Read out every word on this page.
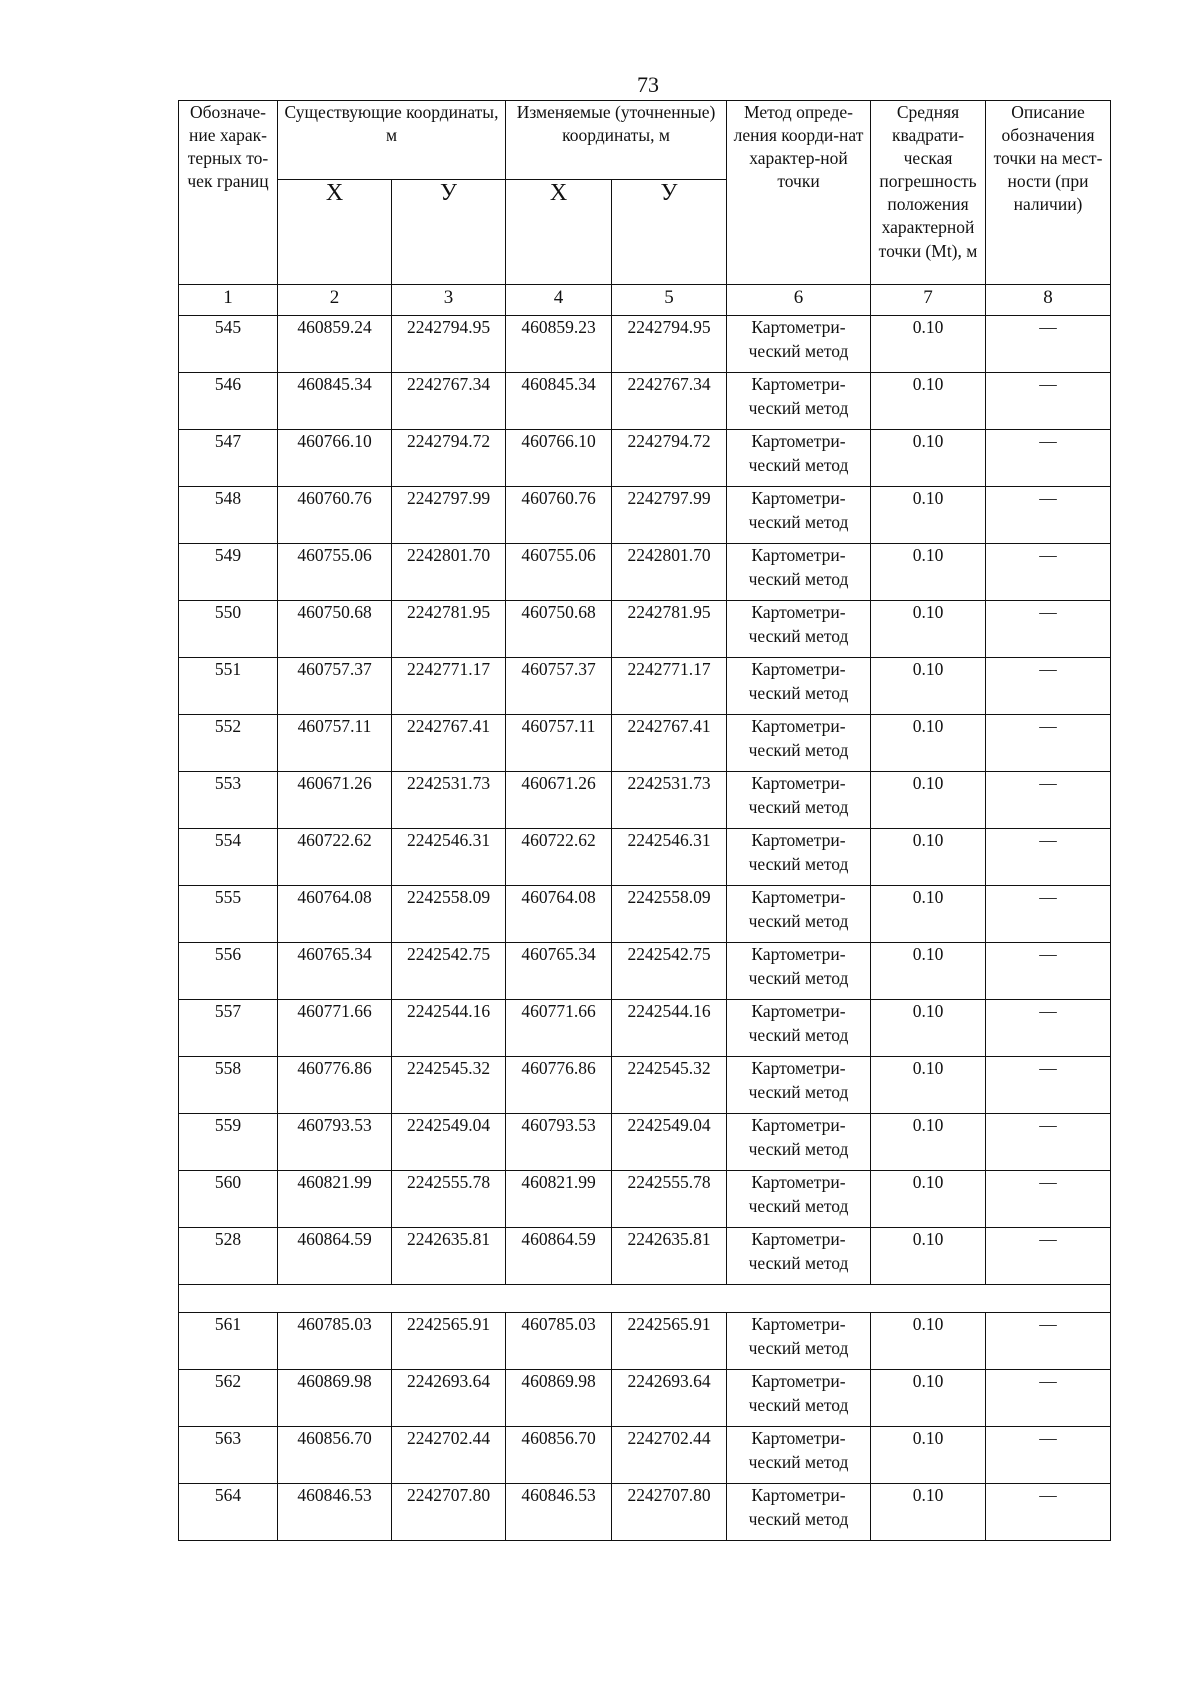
73
Обозначе-ние харак-терных то-чек границ	Существующие координаты, м		Изменяемые (уточненные) координаты, м		Метод опреде-ления коорди-нат характер-ной точки	Средняя квадрати-ческая погрешность положения характерной точки (Mt), м	Описание обозначения точки на мест-ности (при наличии)
	X	У	X	У			
1	2	3	4	5	6	7	8
545	460859.24	2242794.95	460859.23	2242794.95	Картометри-ческий метод	0.10	—
546	460845.34	2242767.34	460845.34	2242767.34	Картометри-ческий метод	0.10	—
547	460766.10	2242794.72	460766.10	2242794.72	Картометри-ческий метод	0.10	—
548	460760.76	2242797.99	460760.76	2242797.99	Картометри-ческий метод	0.10	—
549	460755.06	2242801.70	460755.06	2242801.70	Картометри-ческий метод	0.10	—
550	460750.68	2242781.95	460750.68	2242781.95	Картометри-ческий метод	0.10	—
551	460757.37	2242771.17	460757.37	2242771.17	Картометри-ческий метод	0.10	—
552	460757.11	2242767.41	460757.11	2242767.41	Картометри-ческий метод	0.10	—
553	460671.26	2242531.73	460671.26	2242531.73	Картометри-ческий метод	0.10	—
554	460722.62	2242546.31	460722.62	2242546.31	Картометри-ческий метод	0.10	—
555	460764.08	2242558.09	460764.08	2242558.09	Картометри-ческий метод	0.10	—
556	460765.34	2242542.75	460765.34	2242542.75	Картометри-ческий метод	0.10	—
557	460771.66	2242544.16	460771.66	2242544.16	Картометри-ческий метод	0.10	—
558	460776.86	2242545.32	460776.86	2242545.32	Картометри-ческий метод	0.10	—
559	460793.53	2242549.04	460793.53	2242549.04	Картометри-ческий метод	0.10	—
560	460821.99	2242555.78	460821.99	2242555.78	Картометри-ческий метод	0.10	—
528	460864.59	2242635.81	460864.59	2242635.81	Картометри-ческий метод	0.10	—

561	460785.03	2242565.91	460785.03	2242565.91	Картометри-ческий метод	0.10	—
562	460869.98	2242693.64	460869.98	2242693.64	Картометри-ческий метод	0.10	—
563	460856.70	2242702.44	460856.70	2242702.44	Картометри-ческий метод	0.10	—
564	460846.53	2242707.80	460846.53	2242707.80	Картометри-ческий метод	0.10	—
